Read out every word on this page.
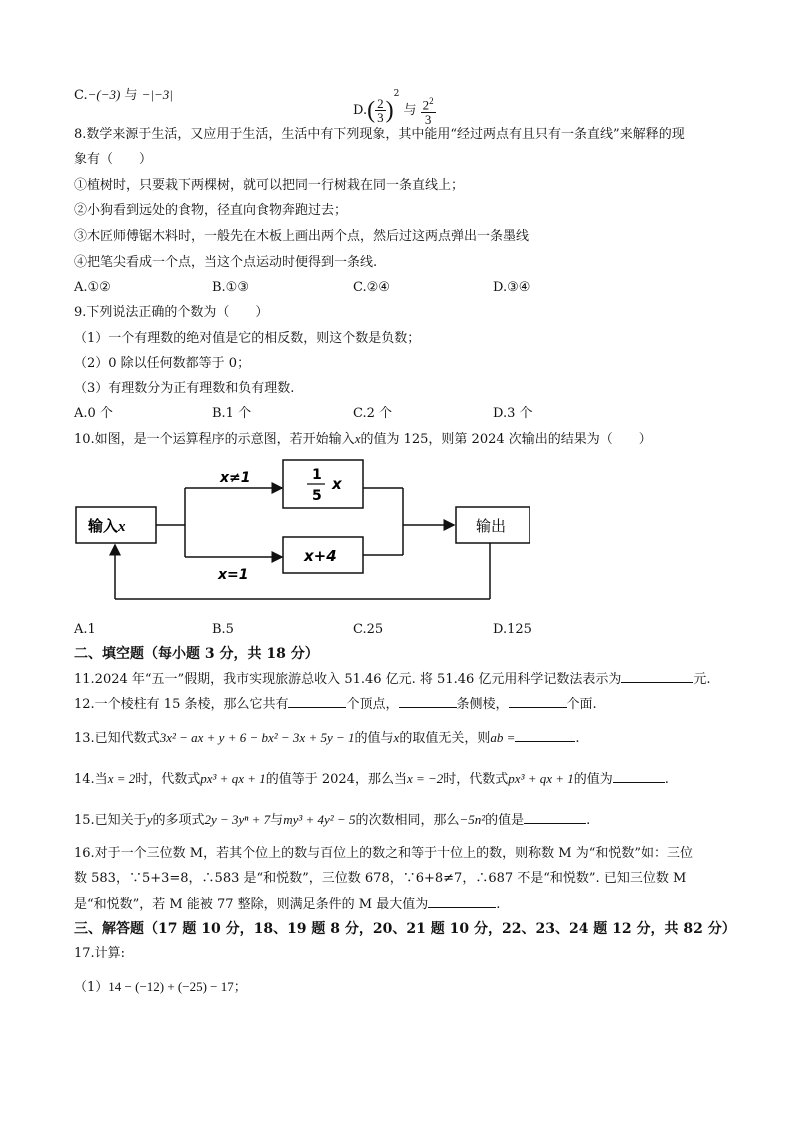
C.−(−3) 与 −|−3|
$D.( \frac{2}{3} )^2$ 与 $\frac{2^2}{3}$
8.数学来源于生活，又应用于生活，生活中有下列现象，其中能用“经过两点有且只有一条直线”来解释的现
象有（　　）
①植树时，只要栽下两棵树，就可以把同一行树栽在同一条直线上；
②小狗看到远处的食物，径直向食物奔跑过去；
③木匠师傅锯木料时，一般先在木板上画出两个点，然后过这两点弹出一条墨线
④把笔尖看成一个点，当这个点运动时便得到一条线.
A.①②	B.①③	C.②④	D.③④
9.下列说法正确的个数为（　　）
（1）一个有理数的绝对值是它的相反数，则这个数是负数；
（2）0 除以任何数都等于 0；
（3）有理数分为正有理数和负有理数.
A.0 个	B.1 个	C.2 个	D.3 个
10.如图，是一个运算程序的示意图，若开始输入x的值为 125，则第 2024 次输出的结果为（　　）
输入x
x≠1
x=1
1
5
x
x+4
输出
A.1	B.5	C.25	D.125
二、填空题（每小题 3 分，共 18 分）
11.2024 年“五一”假期，我市实现旅游总收入 51.46 亿元. 将 51.46 亿元用科学记数法表示为	元.
12.一个棱柱有 15 条棱，那么它共有	个顶点，	条侧棱，	个面.
13.已知代数式3x² − ax + y + 6 − bx² − 3x + 5y − 1的值与x的取值无关，则ab =	.
14.当x = 2时，代数式px³ + qx + 1的值等于 2024，那么当x = −2时，代数式px³ + qx + 1的值为	.
15.已知关于y的多项式2y − 3yⁿ + 7与my³ + 4y² − 5的次数相同，那么−5n²的值是	.
16.对于一个三位数 M，若其个位上的数与百位上的数之和等于十位上的数，则称数 M 为“和悦数”如：三位
数 583，∵5+3=8，∴583 是“和悦数”，三位数 678，∵6+8≠7，∴687 不是“和悦数”. 已知三位数 M
是“和悦数”，若 M 能被 77 整除，则满足条件的 M 最大值为	.
三、解答题（17 题 10 分，18、19 题 8 分，20、21 题 10 分，22、23、24 题 12 分，共 82 分）
17.计算:
（1）14 − (−12) + (−25) − 17；
